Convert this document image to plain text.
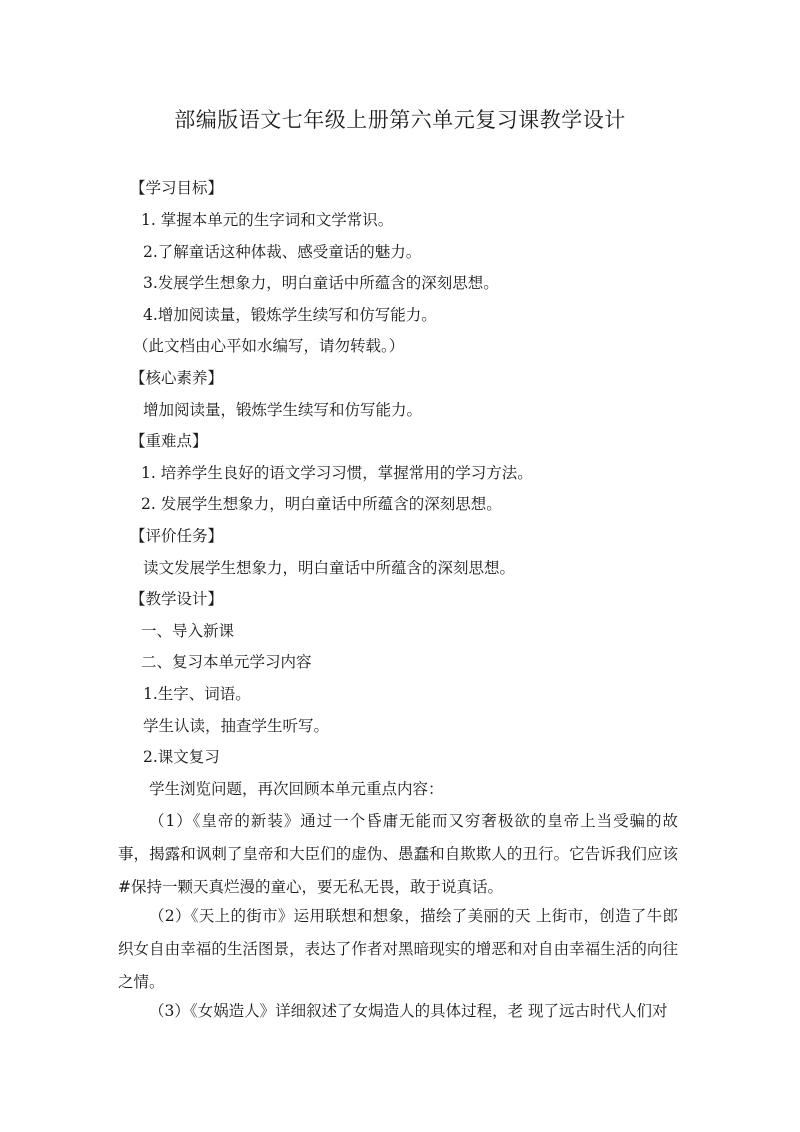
部编版语文七年级上册第六单元复习课教学设计
【学习目标】
1. 掌握本单元的生字词和文学常识。
2.了解童话这种体裁、感受童话的魅力。
3.发展学生想象力，明白童话中所蕴含的深刻思想。
4.增加阅读量，锻炼学生续写和仿写能力。
（此文档由心平如水编写，请勿转载。）
【核心素养】
增加阅读量，锻炼学生续写和仿写能力。
【重难点】
1. 培养学生良好的语文学习习惯，掌握常用的学习方法。
2. 发展学生想象力，明白童话中所蕴含的深刻思想。
【评价任务】
读文发展学生想象力，明白童话中所蕴含的深刻思想。
【教学设计】
一、导入新课
二、复习本单元学习内容
1.生字、词语。
学生认读，抽查学生听写。
2.课文复习
学生浏览问题，再次回顾本单元重点内容：
（1）《皇帝的新装》通过一个昏庸无能而又穷奢极欲的皇帝上当受骗的故事，揭露和讽刺了皇帝和大臣们的虚伪、愚蠢和自欺欺人的丑行。它告诉我们应该#保持一颗天真烂漫的童心，要无私无畏，敢于说真话。
（2）《天上的街市》运用联想和想象，描绘了美丽的天 上街市，创造了牛郎织女自由幸福的生活图景，表达了作者对黑暗现实的增恶和对自由幸福生活的向往之情。
（3）《女娲造人》详细叙述了女焗造人的具体过程，老 现了远古时代人们对
